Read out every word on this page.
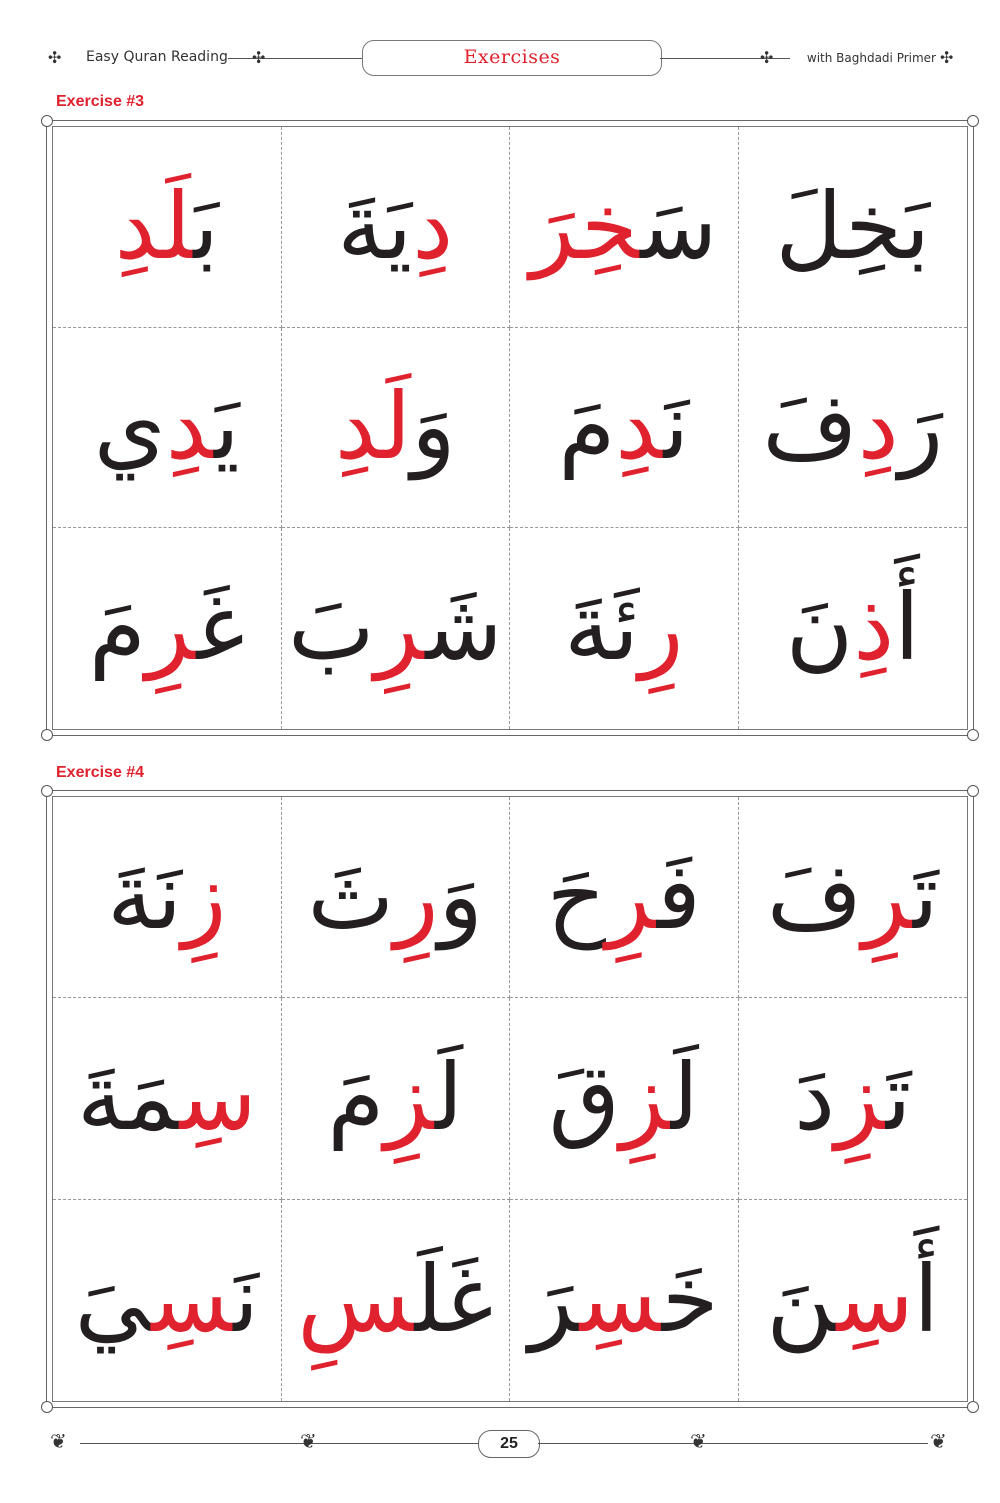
✣ Easy Quran Reading ✣	Exercises	✣	with Baghdadi Primer ✣
Exercise #3
بَلَدِ	دِيَةَ	سَخِرَ	بَخِلَ
يَدِي	وَلَدِ	نَدِمَ	رَدِفَ
غَرِمَ	شَرِبَ	رِئَةَ	أَذِنَ
Exercise #4
زِنَةَ	وَرِثَ	فَرِحَ	تَرِفَ
سِمَةَ	لَزِمَ	لَزِقَ	تَزِدَ
نَسِيَ	غَلَسِ	خَسِرَ	أَسِنَ
❦	❦	25	❦	❦
